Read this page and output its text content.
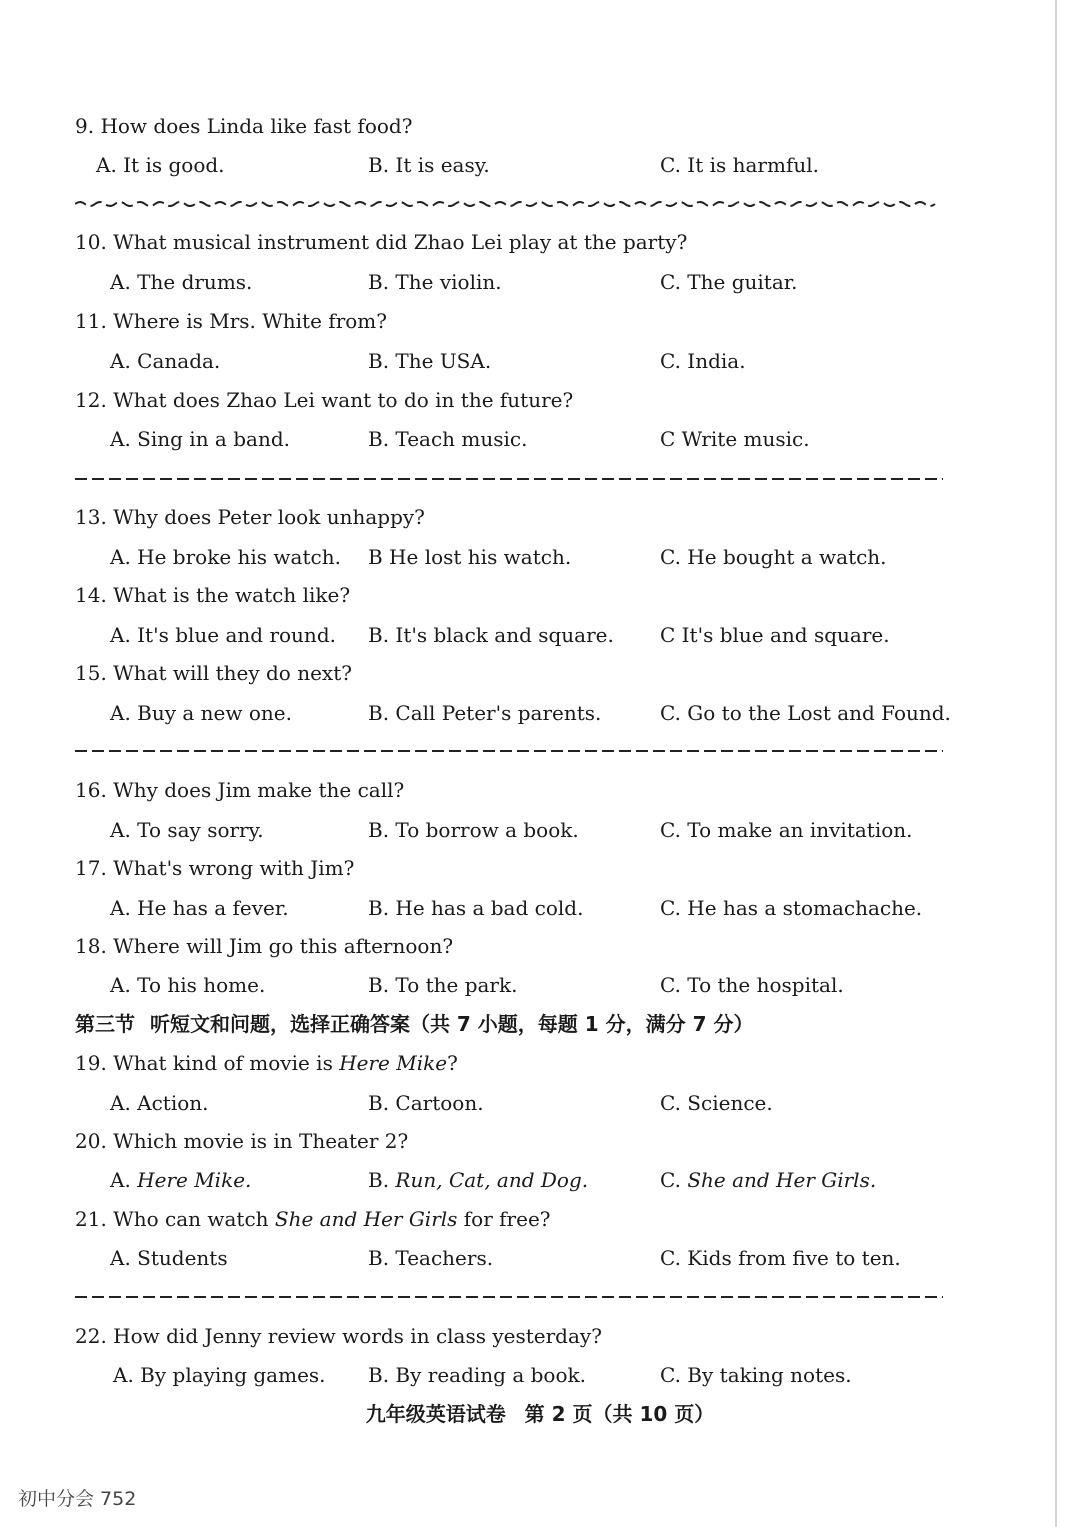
9. How does Linda like fast food?
A. It is good.	B. It is easy.	C. It is harmful.
10. What musical instrument did Zhao Lei play at the party?
A. The drums.	B. The violin.	C. The guitar.
11. Where is Mrs. White from?
A. Canada.	B. The USA.	C. India.
12. What does Zhao Lei want to do in the future?
A. Sing in a band.	B. Teach music.	C Write music.
13. Why does Peter look unhappy?
A. He broke his watch. B He lost his watch.	C. He bought a watch.
14. What is the watch like?
A. It's blue and round. B. It's black and square. C It's blue and square.
15. What will they do next?
A. Buy a new one.	B. Call Peter's parents.	C. Go to the Lost and Found.
16. Why does Jim make the call?
A. To say sorry.	B. To borrow a book.	C. To make an invitation.
17. What's wrong with Jim?
A. He has a fever.	B. He has a bad cold.	C. He has a stomachache.
18. Where will Jim go this afternoon?
A. To his home.	B. To the park.	C. To the hospital.
第三节 听短文和问题，选择正确答案（共 7 小题，每题 1 分，满分 7 分）
19. What kind of movie is Here Mike?
A. Action.	B. Cartoon.	C. Science.
20. Which movie is in Theater 2?
A. Here Mike.	B. Run, Cat, and Dog.	C. She and Her Girls.
21. Who can watch She and Her Girls for free?
A. Students	B. Teachers.	C. Kids from five to ten.
22. How did Jenny review words in class yesterday?
A. By playing games. B. By reading a book.	C. By taking notes.
九年级英语试卷 第 2 页（共 10 页）
初中分会 752
